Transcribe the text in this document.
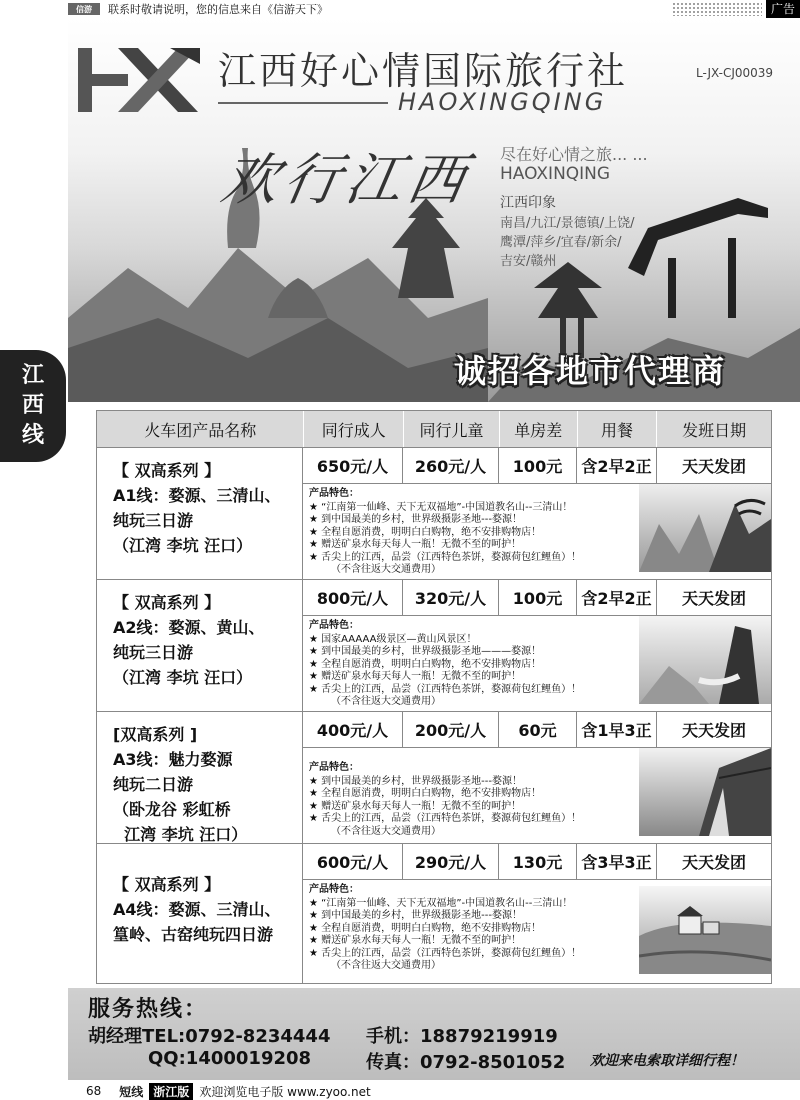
信游	联系时敬请说明，您的信息来自《信游天下》	广告
江
西
线
江西好心情国际旅行社	L-JX-CJ00039
HAOXINGQING
欢行江西 尽在好心情之旅... ...
HAOXINQING
江西印象
南昌/九江/景德镇/上饶/
鹰潭/萍乡/宜春/新余/
吉安/赣州
诚招各地市代理商
火车团产品名称	同行成人	同行儿童	单房差	用餐	发班日期
【 双高系列 】
A1线：婺源、三清山、
纯玩三日游
（江湾 李坑 汪口）
650元/人	260元/人	100元	含2早2正	天天发团
产品特色：
★ “江南第一仙峰、天下无双福地”-中国道教名山--三清山！
★ 到中国最美的乡村，世界级摄影圣地---婺源！
★ 全程自愿消费，明明白白购物，绝不安排购物店！
★ 赠送矿泉水每天每人一瓶！无微不至的呵护！
★ 舌尖上的江西，品尝（江西特色茶饼，婺源荷包红鲤鱼）！
（不含往返大交通费用）
【 双高系列 】
A2线：婺源、黄山、
纯玩三日游
（江湾 李坑 汪口）
800元/人	320元/人	100元	含2早2正	天天发团
产品特色：
★ 国家AAAAA级景区—黄山风景区！
★ 到中国最美的乡村，世界级摄影圣地———婺源！
★ 全程自愿消费，明明白白购物，绝不安排购物店！
★ 赠送矿泉水每天每人一瓶！无微不至的呵护！
★ 舌尖上的江西，品尝（江西特色茶饼，婺源荷包红鲤鱼）！
（不含往返大交通费用）
[双高系列 ]
A3线：魅力婺源
纯玩二日游
（卧龙谷 彩虹桥
江湾 李坑 汪口）
400元/人	200元/人	60元	含1早3正	天天发团
产品特色：
★ 到中国最美的乡村，世界级摄影圣地---婺源！
★ 全程自愿消费，明明白白购物，绝不安排购物店！
★ 赠送矿泉水每天每人一瓶！无微不至的呵护！
★ 舌尖上的江西，品尝（江西特色茶饼，婺源荷包红鲤鱼）！
（不含往返大交通费用）
【 双高系列 】
A4线：婺源、三清山、
篁岭、古窑纯玩四日游
600元/人	290元/人	130元	含3早3正	天天发团
产品特色：
★ “江南第一仙峰、天下无双福地”-中国道教名山--三清山！
★ 到中国最美的乡村，世界级摄影圣地---婺源！
★ 全程自愿消费，明明白白购物，绝不安排购物店！
★ 赠送矿泉水每天每人一瓶！无微不至的呵护！
★ 舌尖上的江西，品尝（江西特色茶饼，婺源荷包红鲤鱼）！
（不含往返大交通费用）
服务热线：
胡经理TEL:0792-8234444 手机：18879219919
QQ:1400019208	传真：0792-8501052 欢迎来电索取详细行程！
68 短线 浙江版 欢迎浏览电子版 www.zyoo.net
